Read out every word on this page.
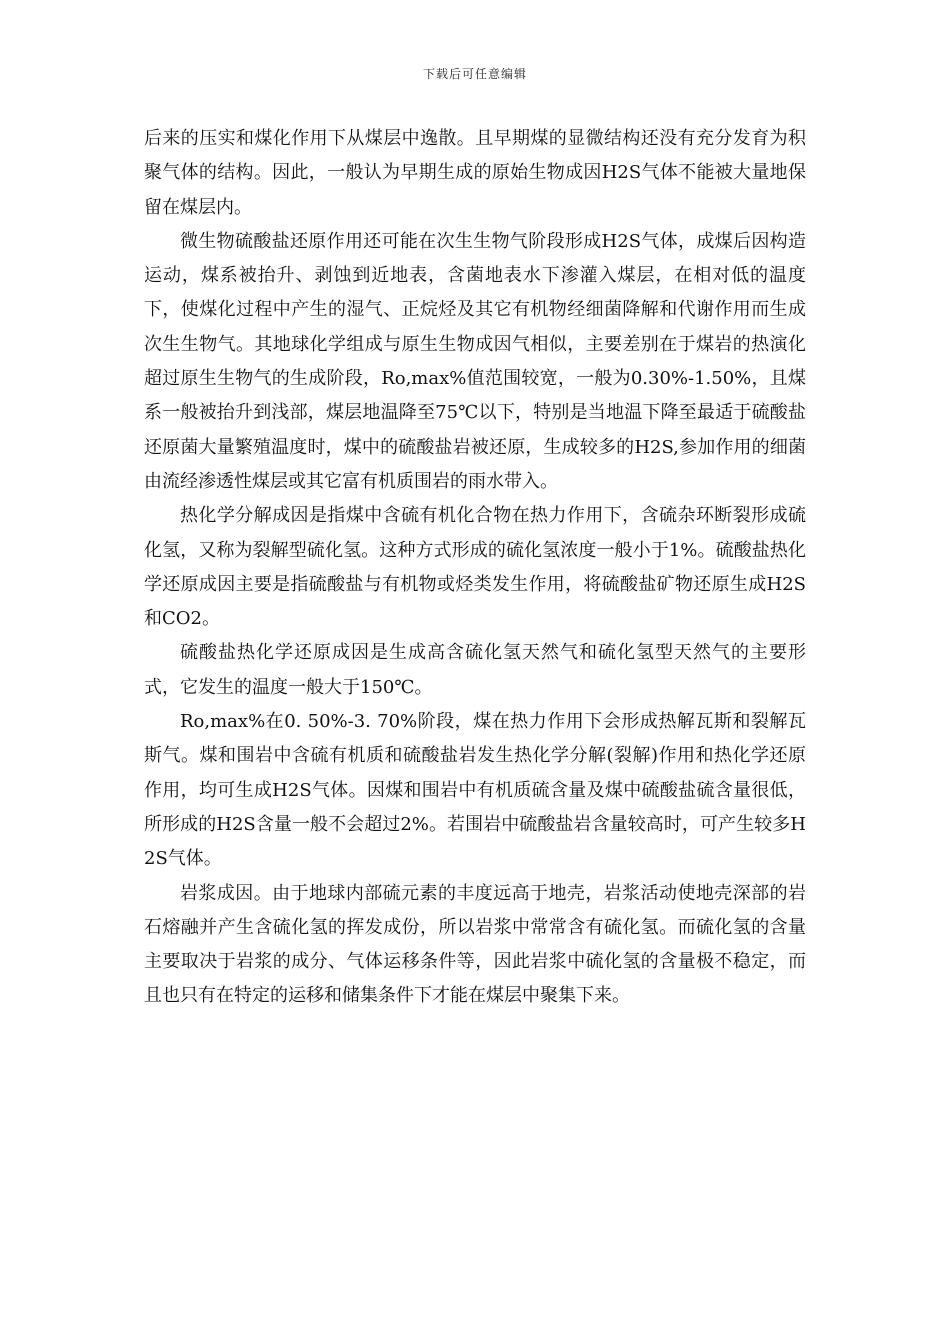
下载后可任意编辑

后来的压实和煤化作用下从煤层中逸散。且早期煤的显微结构还没有充分发育为积聚气体的结构。因此，一般认为早期生成的原始生物成因H2S气体不能被大量地保留在煤层内。

微生物硫酸盐还原作用还可能在次生生物气阶段形成H2S气体，成煤后因构造运动，煤系被抬升、剥蚀到近地表，含菌地表水下渗灌入煤层，在相对低的温度下，使煤化过程中产生的湿气、正烷烃及其它有机物经细菌降解和代谢作用而生成次生生物气。其地球化学组成与原生生物成因气相似，主要差别在于煤岩的热演化超过原生生物气的生成阶段，Ro,max%值范围较宽，一般为0.30%-1.50%，且煤系一般被抬升到浅部，煤层地温降至75℃以下，特别是当地温下降至最适于硫酸盐还原菌大量繁殖温度时，煤中的硫酸盐岩被还原，生成较多的H2S,参加作用的细菌由流经渗透性煤层或其它富有机质围岩的雨水带入。

热化学分解成因是指煤中含硫有机化合物在热力作用下，含硫杂环断裂形成硫化氢，又称为裂解型硫化氢。这种方式形成的硫化氢浓度一般小于1%。硫酸盐热化学还原成因主要是指硫酸盐与有机物或烃类发生作用，将硫酸盐矿物还原生成H2S和CO2。

硫酸盐热化学还原成因是生成高含硫化氢天然气和硫化氢型天然气的主要形式，它发生的温度一般大于150℃。

Ro,max%在0. 50%-3. 70%阶段，煤在热力作用下会形成热解瓦斯和裂解瓦斯气。煤和围岩中含硫有机质和硫酸盐岩发生热化学分解(裂解)作用和热化学还原作用，均可生成H2S气体。因煤和围岩中有机质硫含量及煤中硫酸盐硫含量很低，所形成的H2S含量一般不会超过2%。若围岩中硫酸盐岩含量较高时，可产生较多H2S气体。

岩浆成因。由于地球内部硫元素的丰度远高于地壳，岩浆活动使地壳深部的岩石熔融并产生含硫化氢的挥发成份，所以岩浆中常常含有硫化氢。而硫化氢的含量主要取决于岩浆的成分、气体运移条件等，因此岩浆中硫化氢的含量极不稳定，而且也只有在特定的运移和储集条件下才能在煤层中聚集下来。
